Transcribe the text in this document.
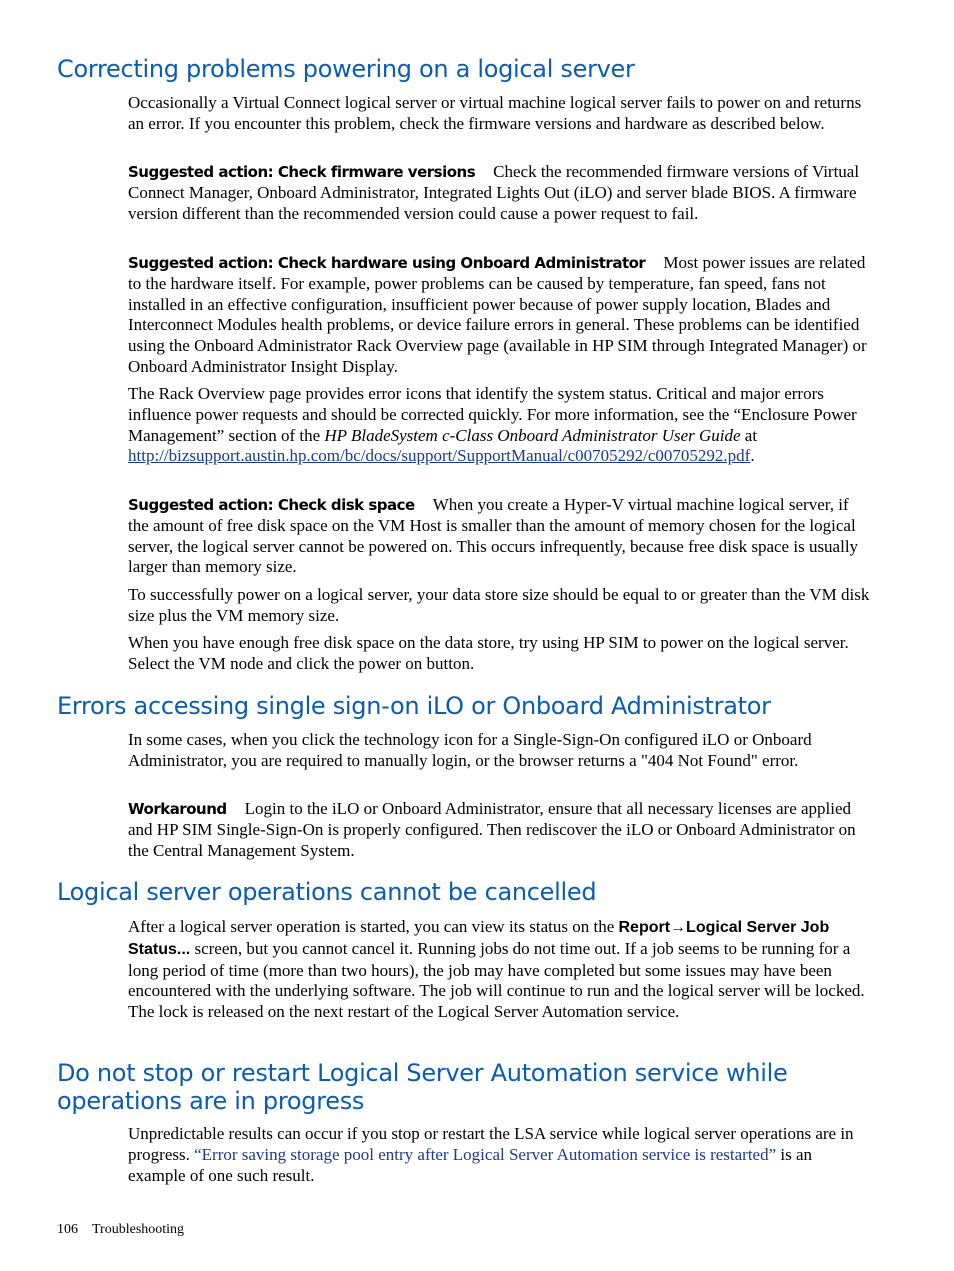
Correcting problems powering on a logical server

Occasionally a Virtual Connect logical server or virtual machine logical server fails to power on and returns an error. If you encounter this problem, check the firmware versions and hardware as described below.

Suggested action: Check firmware versions Check the recommended firmware versions of Virtual Connect Manager, Onboard Administrator, Integrated Lights Out (iLO) and server blade BIOS. A firmware version different than the recommended version could cause a power request to fail.

Suggested action: Check hardware using Onboard Administrator Most power issues are related to the hardware itself. For example, power problems can be caused by temperature, fan speed, fans not installed in an effective configuration, insufficient power because of power supply location, Blades and Interconnect Modules health problems, or device failure errors in general. These problems can be identified using the Onboard Administrator Rack Overview page (available in HP SIM through Integrated Manager) or Onboard Administrator Insight Display.

The Rack Overview page provides error icons that identify the system status. Critical and major errors influence power requests and should be corrected quickly. For more information, see the “Enclosure Power Management” section of the HP BladeSystem c-Class Onboard Administrator User Guide at http://bizsupport.austin.hp.com/bc/docs/support/SupportManual/c00705292/c00705292.pdf.

Suggested action: Check disk space When you create a Hyper-V virtual machine logical server, if the amount of free disk space on the VM Host is smaller than the amount of memory chosen for the logical server, the logical server cannot be powered on. This occurs infrequently, because free disk space is usually larger than memory size.

To successfully power on a logical server, your data store size should be equal to or greater than the VM disk size plus the VM memory size.

When you have enough free disk space on the data store, try using HP SIM to power on the logical server. Select the VM node and click the power on button.

Errors accessing single sign-on iLO or Onboard Administrator

In some cases, when you click the technology icon for a Single-Sign-On configured iLO or Onboard Administrator, you are required to manually login, or the browser returns a "404 Not Found" error.

Workaround Login to the iLO or Onboard Administrator, ensure that all necessary licenses are applied and HP SIM Single-Sign-On is properly configured. Then rediscover the iLO or Onboard Administrator on the Central Management System.

Logical server operations cannot be cancelled

After a logical server operation is started, you can view its status on the Report→Logical Server Job Status... screen, but you cannot cancel it. Running jobs do not time out. If a job seems to be running for a long period of time (more than two hours), the job may have completed but some issues may have been encountered with the underlying software. The job will continue to run and the logical server will be locked. The lock is released on the next restart of the Logical Server Automation service.

Do not stop or restart Logical Server Automation service while operations are in progress

Unpredictable results can occur if you stop or restart the LSA service while logical server operations are in progress. “Error saving storage pool entry after Logical Server Automation service is restarted” is an example of one such result.

106 Troubleshooting
